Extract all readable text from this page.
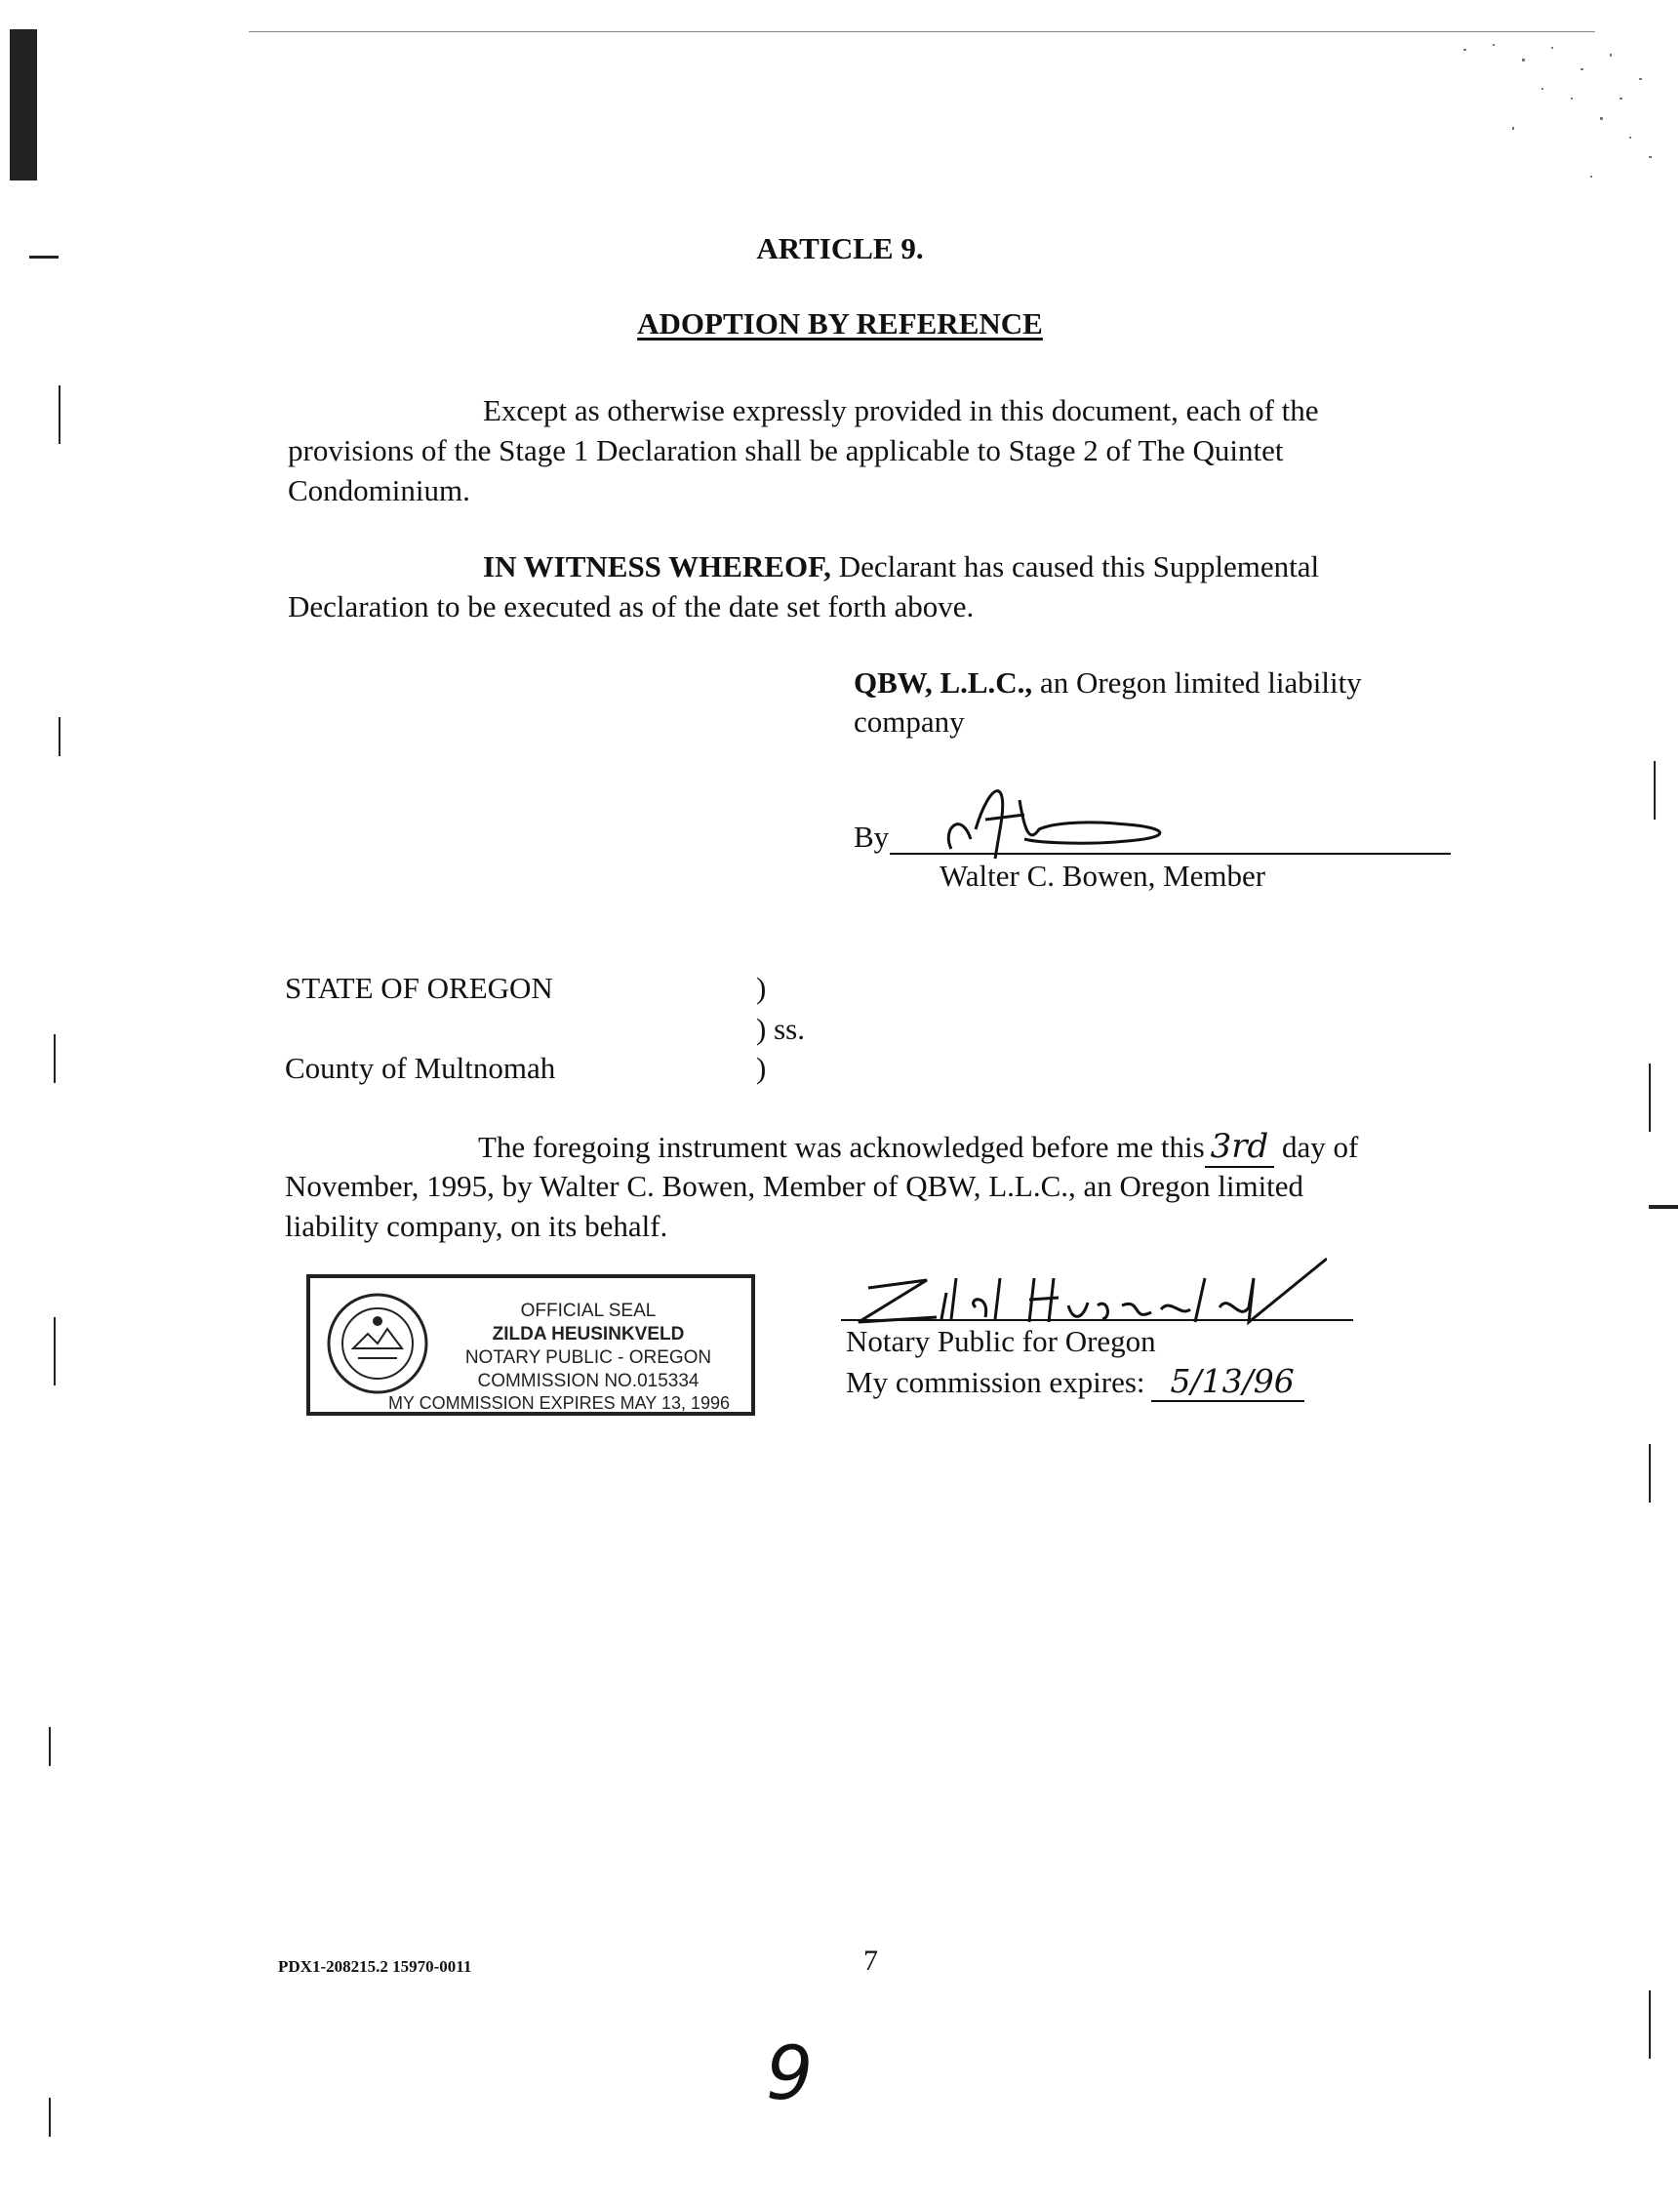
ARTICLE 9.
ADOPTION BY REFERENCE
Except as otherwise expressly provided in this document, each of the provisions of the Stage 1 Declaration shall be applicable to Stage 2 of The Quintet Condominium.
IN WITNESS WHEREOF, Declarant has caused this Supplemental Declaration to be executed as of the date set forth above.
QBW, L.L.C., an Oregon limited liability
company
By
Walter C. Bowen, Member
STATE OF OREGON	)
) ss.
County of Multnomah	)
The foregoing instrument was acknowledged before me this 3rd day of
November, 1995, by Walter C. Bowen, Member of QBW, L.L.C., an Oregon limited
liability company, on its behalf.
OFFICIAL SEAL
ZILDA HEUSINKVELD
NOTARY PUBLIC - OREGON
COMMISSION NO.015334
MY COMMISSION EXPIRES MAY 13, 1996
Notary Public for Oregon
My commission expires: 5/13/96
PDX1-208215.2 15970-0011	7
9
